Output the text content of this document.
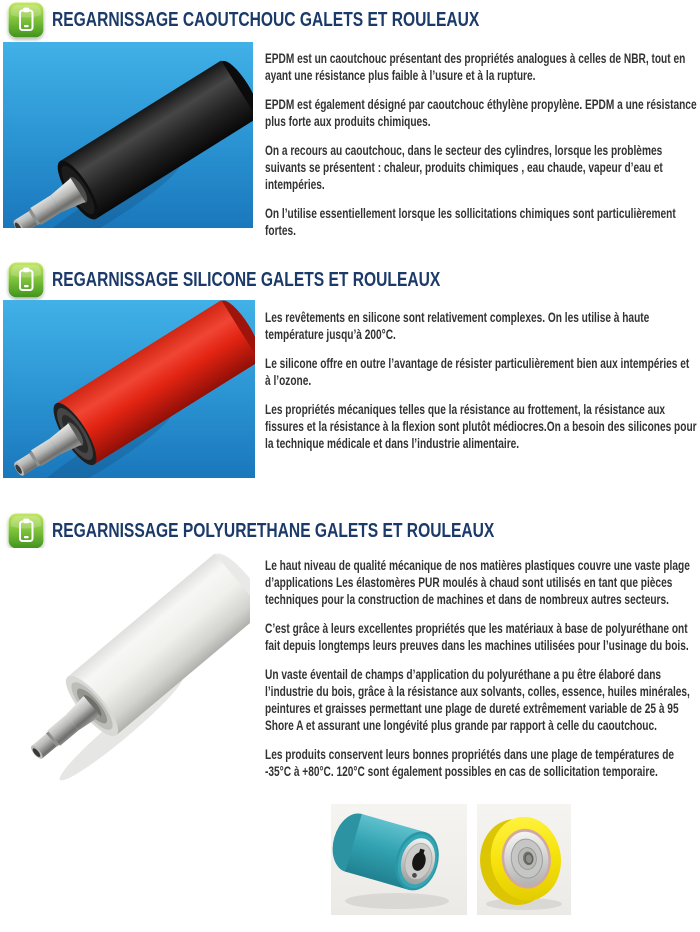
REGARNISSAGE CAOUTCHOUC GALETS ET ROULEAUX

EPDM est un caoutchouc présentant des propriétés analogues à celles de NBR, tout en ayant une résistance plus faible à l’usure et à la rupture.

EPDM est également désigné par caoutchouc éthylène propylène. EPDM a une résistance plus forte aux produits chimiques.

On a recours au caoutchouc, dans le secteur des cylindres, lorsque les problèmes suivants se présentent : chaleur, produits chimiques , eau chaude, vapeur d’eau et intempéries.

On l’utilise essentiellement lorsque les sollicitations chimiques sont particulièrement fortes.

REGARNISSAGE SILICONE GALETS ET ROULEAUX

Les revêtements en silicone sont relativement complexes. On les utilise à haute température jusqu’à 200°C.

Le silicone offre en outre l’avantage de résister particulièrement bien aux intempéries et à l’ozone.

Les propriétés mécaniques telles que la résistance au frottement, la résistance aux fissures et la résistance à la flexion sont plutôt médiocres.On a besoin des silicones pour la technique médicale et dans l’industrie alimentaire.

REGARNISSAGE POLYURETHANE GALETS ET ROULEAUX

Le haut niveau de qualité mécanique de nos matières plastiques couvre une vaste plage d’applications Les élastomères PUR moulés à chaud sont utilisés en tant que pièces techniques pour la construction de machines et dans de nombreux autres secteurs.

C’est grâce à leurs excellentes propriétés que les matériaux à base de polyuréthane ont fait depuis longtemps leurs preuves dans les machines utilisées pour l’usinage du bois.

Un vaste éventail de champs d’application du polyuréthane a pu être élaboré dans l’industrie du bois, grâce à la résistance aux solvants, colles, essence, huiles minérales, peintures et graisses permettant une plage de dureté extrêmement variable de 25 à 95 Shore A et assurant une longévité plus grande par rapport à celle du caoutchouc.

Les produits conservent leurs bonnes propriétés dans une plage de températures de -35°C à +80°C. 120°C sont également possibles en cas de sollicitation temporaire.
